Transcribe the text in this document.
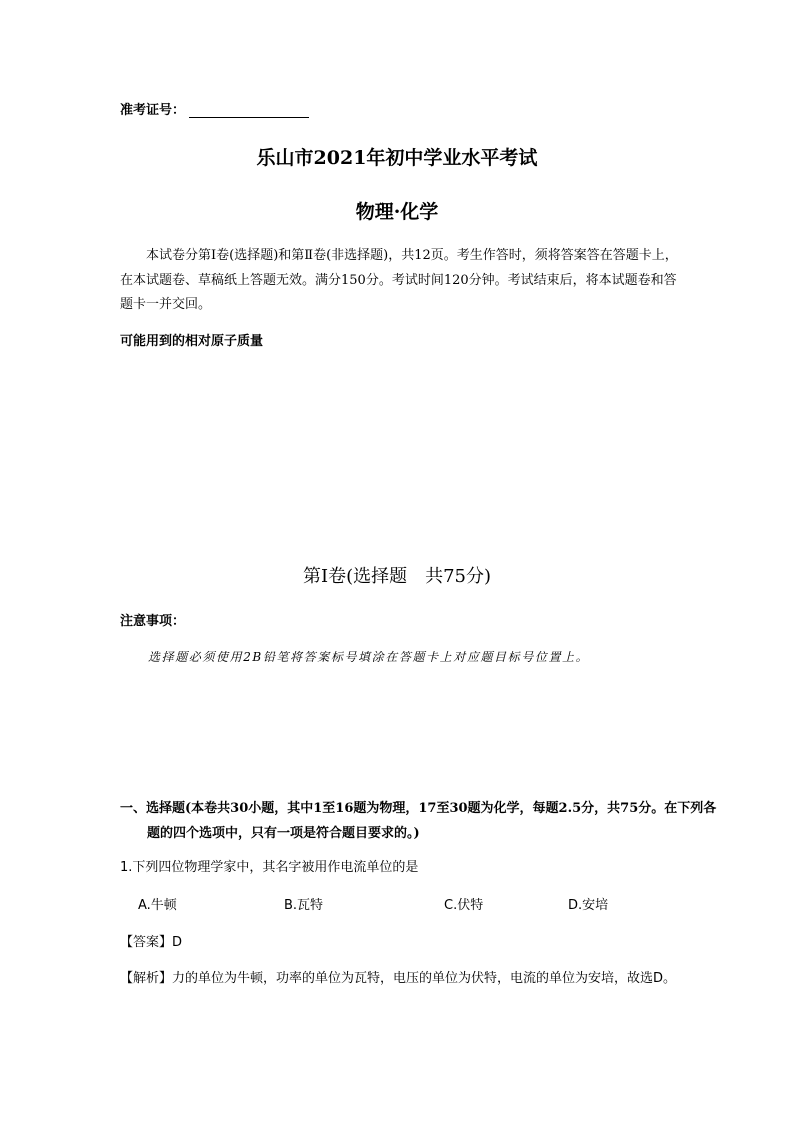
准考证号：
乐山市2021年初中学业水平考试
物理·化学

本试卷分第Ⅰ卷(选择题)和第Ⅱ卷(非选择题)，共12页。考生作答时，须将答案答在答题卡上，在本试题卷、草稿纸上答题无效。满分150分。考试时间120分钟。考试结束后，将本试题卷和答题卡一并交回。

可能用到的相对原子质量
第Ⅰ卷(选择题　共75分)
注意事项：
选择题必须使用2B铅笔将答案标号填涂在答题卡上对应题目标号位置上。

一、选择题(本卷共30小题，其中1至16题为物理，17至30题为化学，每题2.5分，共75分。在下列各题的四个选项中，只有一项是符合题目要求的。)

1.下列四位物理学家中，其名字被用作电流单位的是
A.牛顿	B.瓦特	C.伏特	D.安培
【答案】D

【解析】力的单位为牛顿，功率的单位为瓦特，电压的单位为伏特，电流的单位为安培，故选D。
